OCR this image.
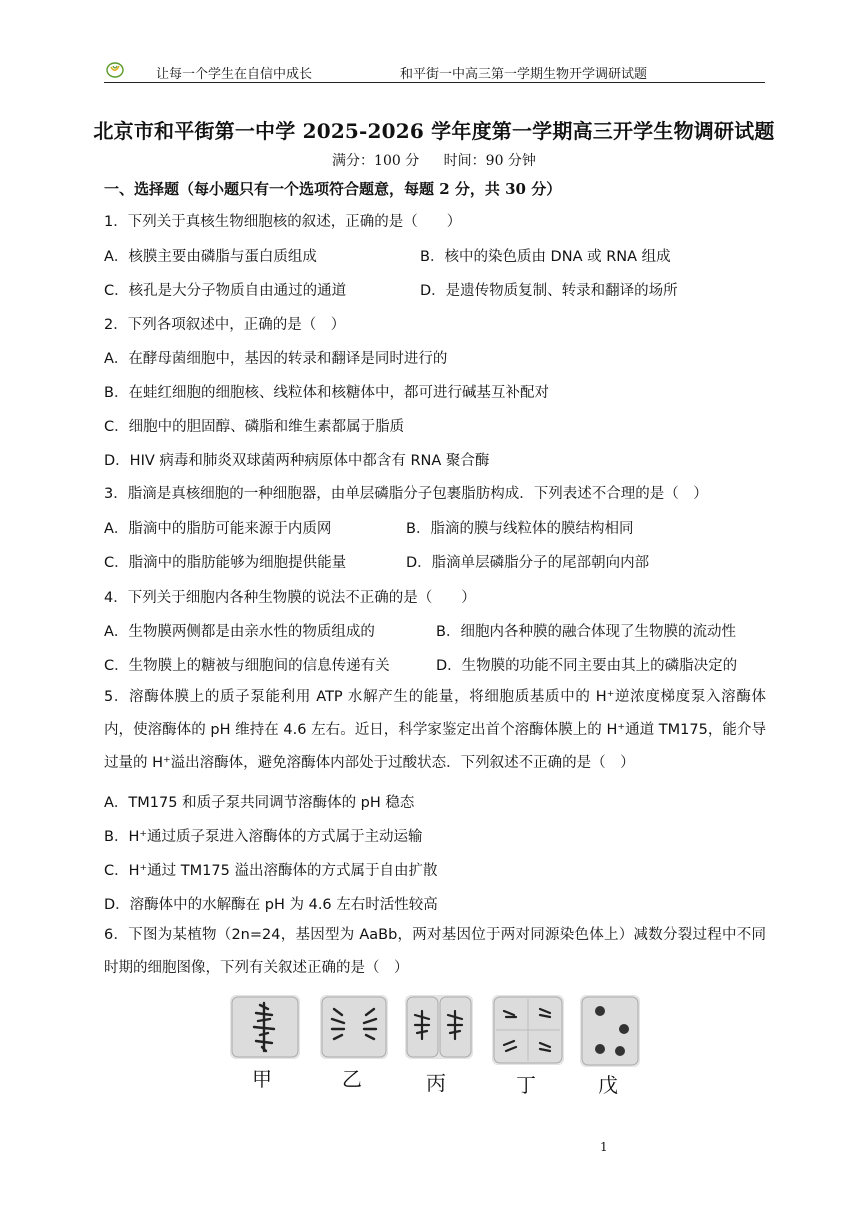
让每一个学生在自信中成长	和平街一中高三第一学期生物开学调研试题
北京市和平街第一中学 2025-2026 学年度第一学期高三开学生物调研试题
满分：100 分 时间：90 分钟
一、选择题（每小题只有一个选项符合题意，每题 2 分，共 30 分）
1．下列关于真核生物细胞核的叙述，正确的是（　　）
A．核膜主要由磷脂与蛋白质组成	B．核中的染色质由 DNA 或 RNA 组成
C．核孔是大分子物质自由通过的通道	D．是遗传物质复制、转录和翻译的场所
2．下列各项叙述中，正确的是（　）
A．在酵母菌细胞中，基因的转录和翻译是同时进行的
B．在蛙红细胞的细胞核、线粒体和核糖体中，都可进行碱基互补配对
C．细胞中的胆固醇、磷脂和维生素都属于脂质
D．HIV 病毒和肺炎双球菌两种病原体中都含有 RNA 聚合酶
3．脂滴是真核细胞的一种细胞器，由单层磷脂分子包裹脂肪构成．下列表述不合理的是（　）
A．脂滴中的脂肪可能来源于内质网	B．脂滴的膜与线粒体的膜结构相同
C．脂滴中的脂肪能够为细胞提供能量	D．脂滴单层磷脂分子的尾部朝向内部
4．下列关于细胞内各种生物膜的说法不正确的是（　　）
A．生物膜两侧都是由亲水性的物质组成的	B．细胞内各种膜的融合体现了生物膜的流动性
C．生物膜上的糖被与细胞间的信息传递有关	D．生物膜的功能不同主要由其上的磷脂决定的
5．溶酶体膜上的质子泵能利用 ATP 水解产生的能量，将细胞质基质中的 H⁺逆浓度梯度泵入溶酶体内，使溶酶体的 pH 维持在 4.6 左右。近日，科学家鉴定出首个溶酶体膜上的 H⁺通道 TM175，能介导过量的 H⁺溢出溶酶体，避免溶酶体内部处于过酸状态．下列叙述不正确的是（　）
A．TM175 和质子泵共同调节溶酶体的 pH 稳态
B．H⁺通过质子泵进入溶酶体的方式属于主动运输
C．H⁺通过 TM175 溢出溶酶体的方式属于自由扩散
D．溶酶体中的水解酶在 pH 为 4.6 左右时活性较高
6．下图为某植物（2n=24，基因型为 AaBb，两对基因位于两对同源染色体上）减数分裂过程中不同时期的细胞图像，下列有关叙述正确的是（　）
甲	乙	丙	丁	戊
1
